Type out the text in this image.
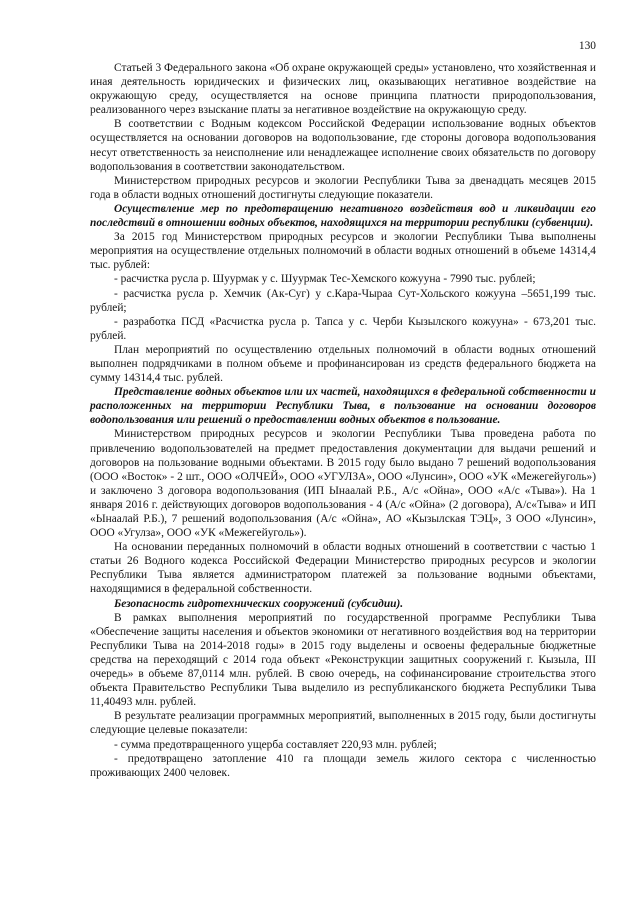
130

Статьей 3 Федерального закона «Об охране окружающей среды» установлено, что хозяйственная и иная деятельность юридических и физических лиц, оказывающих негативное воздействие на окружающую среду, осуществляется на основе принципа платности природопользования, реализованного через взыскание платы за негативное воздействие на окружающую среду.

В соответствии с Водным кодексом Российской Федерации использование водных объектов осуществляется на основании договоров на водопользование, где стороны договора водопользования несут ответственность за неисполнение или ненадлежащее исполнение своих обязательств по договору водопользования в соответствии законодательством.

Министерством природных ресурсов и экологии Республики Тыва за двенадцать месяцев 2015 года в области водных отношений достигнуты следующие показатели.

Осуществление мер по предотвращению негативного воздействия вод и ликвидации его последствий в отношении водных объектов, находящихся на территории республики (субвенции).

За 2015 год Министерством природных ресурсов и экологии Республики Тыва выполнены мероприятия на осуществление отдельных полномочий в области водных отношений в объеме 14314,4 тыс. рублей:

- расчистка русла р. Шуурмак у с. Шуурмак Тес-Хемского кожууна - 7990 тыс. рублей;

- расчистка русла р. Хемчик (Ак-Суг) у с.Кара-Чыраа Сут-Хольского кожууна –5651,199 тыс. рублей;

- разработка ПСД «Расчистка русла р. Тапса у с. Черби Кызылского кожууна» - 673,201 тыс. рублей.

План мероприятий по осуществлению отдельных полномочий в области водных отношений выполнен подрядчиками в полном объеме и профинансирован из средств федерального бюджета на сумму 14314,4 тыс. рублей.

Представление водных объектов или их частей, находящихся в федеральной собственности и расположенных на территории Республики Тыва, в пользование на основании договоров водопользования или решений о предоставлении водных объектов в пользование.

Министерством природных ресурсов и экологии Республики Тыва проведена работа по привлечению водопользователей на предмет предоставления документации для выдачи решений и договоров на пользование водными объектами. В 2015 году было выдано 7 решений водопользования (ООО «Восток» - 2 шт., ООО «ОЛЧЕЙ», ООО «УГУЛЗА», ООО «Лунсин», ООО «УК «Межегейуголь») и заключено 3 договора водопользования (ИП Ынаалай Р.Б., А/с «Ойна», ООО «А/с «Тыва»). На 1 января 2016 г. действующих договоров водопользования - 4 (А/с «Ойна» (2 договора), А/с«Тыва» и ИП «Ынаалай Р.Б.), 7 решений водопользования (А/с «Ойна», АО «Кызылская ТЭЦ», 3 ООО «Лунсин», ООО «Угулза», ООО «УК «Межегейуголь»).

На основании переданных полномочий в области водных отношений в соответствии с частью 1 статьи 26 Водного кодекса Российской Федерации Министерство природных ресурсов и экологии Республики Тыва является администратором платежей за пользование водными объектами, находящимися в федеральной собственности.

Безопасность гидротехнических сооружений (субсидии).

В рамках выполнения мероприятий по государственной программе Республики Тыва «Обеспечение защиты населения и объектов экономики от негативного воздействия вод на территории Республики Тыва на 2014-2018 годы» в 2015 году выделены и освоены федеральные бюджетные средства на переходящий с 2014 года объект «Реконструкции защитных сооружений г. Кызыла, III очередь» в объеме 87,0114 млн. рублей. В свою очередь, на софинансирование строительства этого объекта Правительство Республики Тыва выделило из республиканского бюджета Республики Тыва 11,40493 млн. рублей.

В результате реализации программных мероприятий, выполненных в 2015 году, были достигнуты следующие целевые показатели:

- сумма предотвращенного ущерба составляет 220,93 млн. рублей;

- предотвращено затопление 410 га площади земель жилого сектора с численностью проживающих 2400 человек.
